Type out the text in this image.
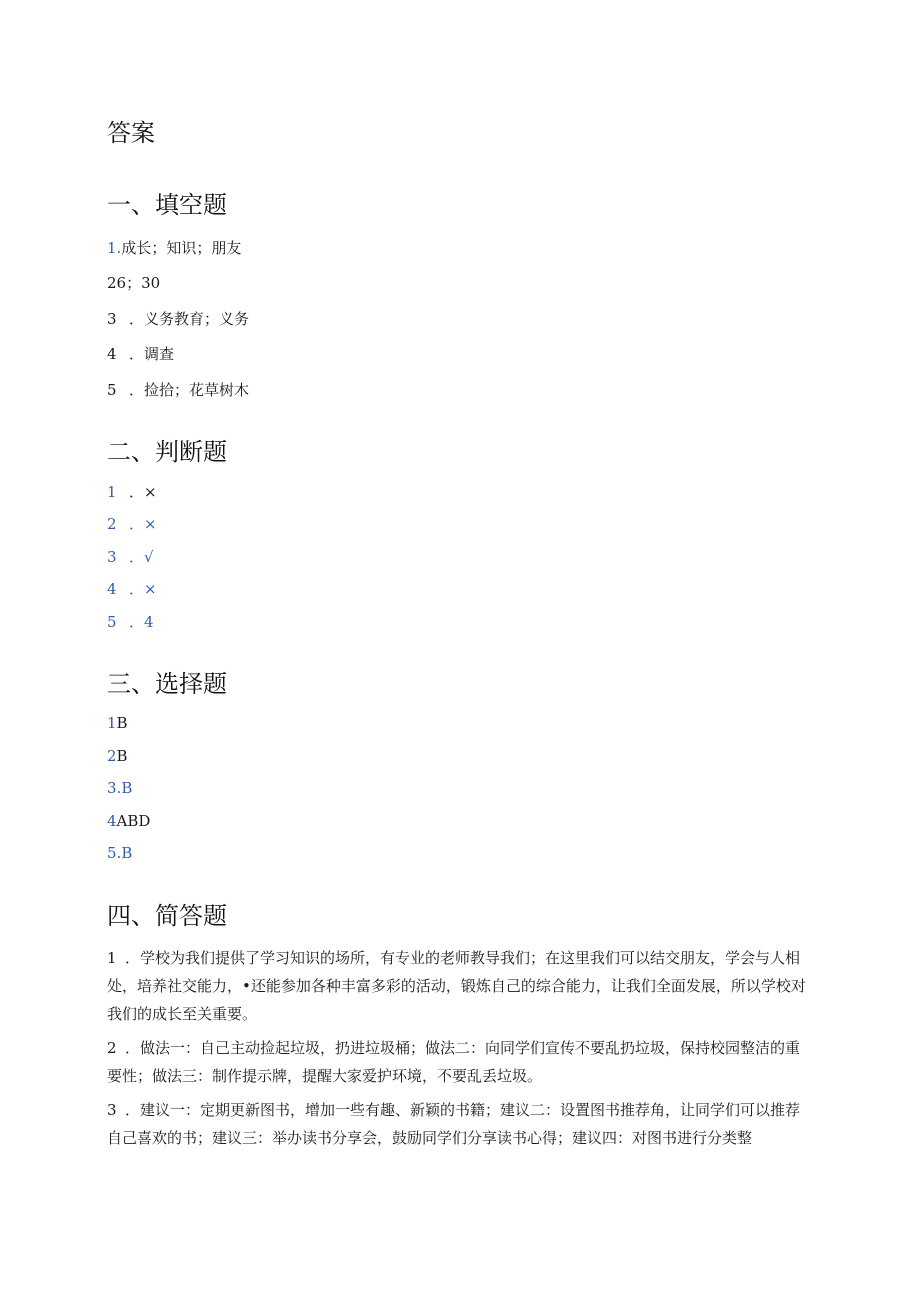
答案
一、填空题

1.成长；知识；朋友

26；30

3 ．义务教育；义务

4 ．调查

5 ．捡拾；花草树木

二、判断题

1 ．×

2 ．×

3 ．√

4 ．×

5 ．4

三、选择题

1B

2B

3.B

4ABD

5.B

四、简答题

1 ．学校为我们提供了学习知识的场所，有专业的老师教导我们；在这里我们可以结交朋友，学会与人相处，培养社交能力，•还能参加各种丰富多彩的活动，锻炼自己的综合能力，让我们全面发展，所以学校对我们的成长至关重要。

2 ．做法一：自己主动捡起垃圾，扔进垃圾桶；做法二：向同学们宣传不要乱扔垃圾，保持校园整洁的重要性；做法三：制作提示牌，提醒大家爱护环境，不要乱丢垃圾。

3 ．建议一：定期更新图书，增加一些有趣、新颖的书籍；建议二：设置图书推荐角，让同学们可以推荐自己喜欢的书；建议三：举办读书分享会，鼓励同学们分享读书心得；建议四：对图书进行分类整
